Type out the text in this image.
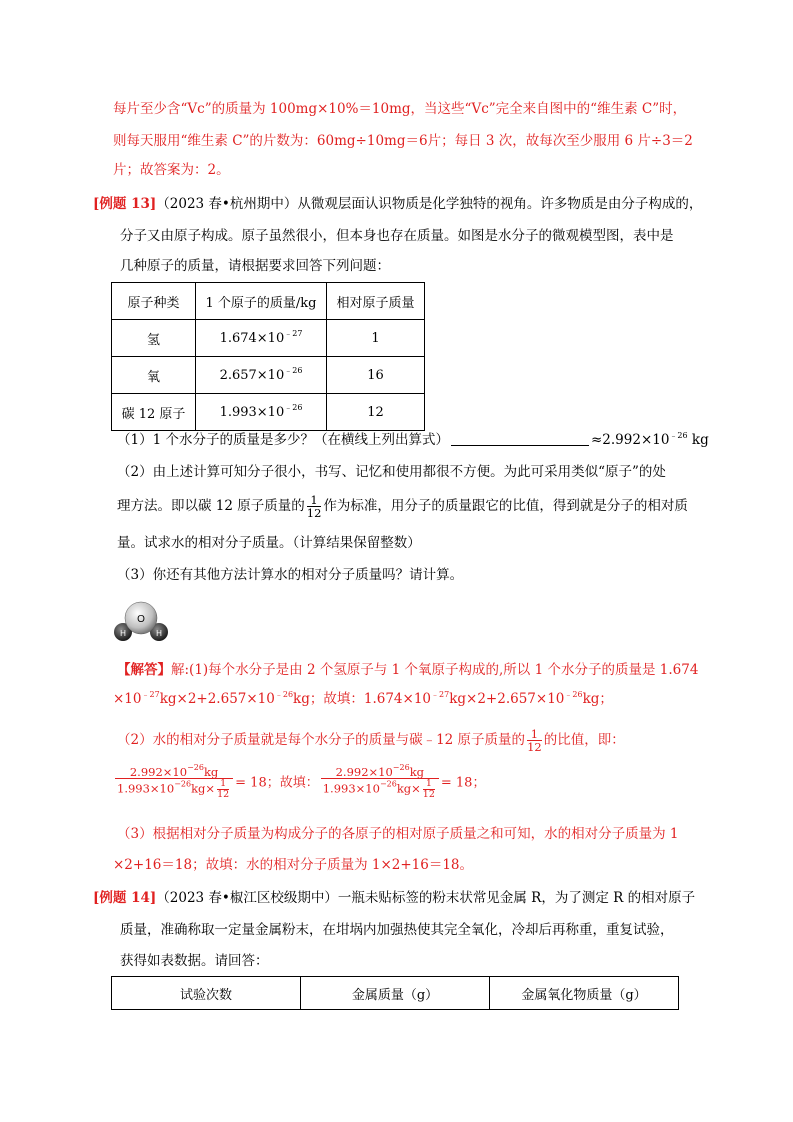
每片至少含“Vc”的质量为 100mg×10%＝10mg，当这些“Vc”完全来自图中的“维生素 C”时，
则每天服用“维生素 C”的片数为：60mg÷10mg＝6片；每日 3 次，故每次至少服用 6 片÷3＝2
片；故答案为：2。
[例题 13]（2023 春•杭州期中）从微观层面认识物质是化学独特的视角。许多物质是由分子构成的，
分子又由原子构成。原子虽然很小，但本身也存在质量。如图是水分子的微观模型图，表中是
几种原子的质量，请根据要求回答下列问题：
原子种类	1 个原子的质量/kg	相对原子质量
氢	$1.674\times 10^{﹣27}$	1
氧	$2.657\times 10^{﹣26}$	16
碳 12 原子	$1.993\times 10^{﹣26}$	12
（1）1 个水分子的质量是多少？（在横线上列出算式）	$\approx 2.992\times 10^{﹣26}$ kg
（2）由上述计算可知分子很小，书写、记忆和使用都很不方便。为此可采用类似“原子”的处
理方法。即以碳 12 原子质量的 $\frac{1}{12}$ 作为标准，用分子的质量跟它的比值，得到就是分子的相对质
量。试求水的相对分子质量。（计算结果保留整数）
（3）你还有其他方法计算水的相对分子质量吗？请计算。
O
H	H
【解答】解:(1)每个水分子是由 2 个氢原子与 1 个氧原子构成的,所以 1 个水分子的质量是 1.674
$\times 10^{﹣27}kg\times 2+2.657\times 10^{﹣26}kg$；故填：$1.674\times 10^{﹣27}kg\times 2+2.657\times 10^{﹣26}kg$；
（2）水的相对分子质量就是每个水分子的质量与碳﹣12 原子质量的 $\frac{1}{12}$ 的比值，即：
$\frac{2.992\times 10^{-26}kg}{1.993\times 10^{-26}kg\times \frac{1}{12}} = 18$；故填： $\frac{2.992\times 10^{-26}kg}{1.993\times 10^{-26}kg\times \frac{1}{12}} = 18$；
（3）根据相对分子质量为构成分子的各原子的相对原子质量之和可知，水的相对分子质量为 1
×2+16＝18；故填：水的相对分子质量为 1×2+16＝18。
[例题 14]（2023 春•椒江区校级期中）一瓶未贴标签的粉末状常见金属 R，为了测定 R 的相对原子
质量，准确称取一定量金属粉末，在坩埚内加强热使其完全氧化，冷却后再称重，重复试验，
获得如表数据。请回答：
试验次数	金属质量（g）	金属氧化物质量（g）
